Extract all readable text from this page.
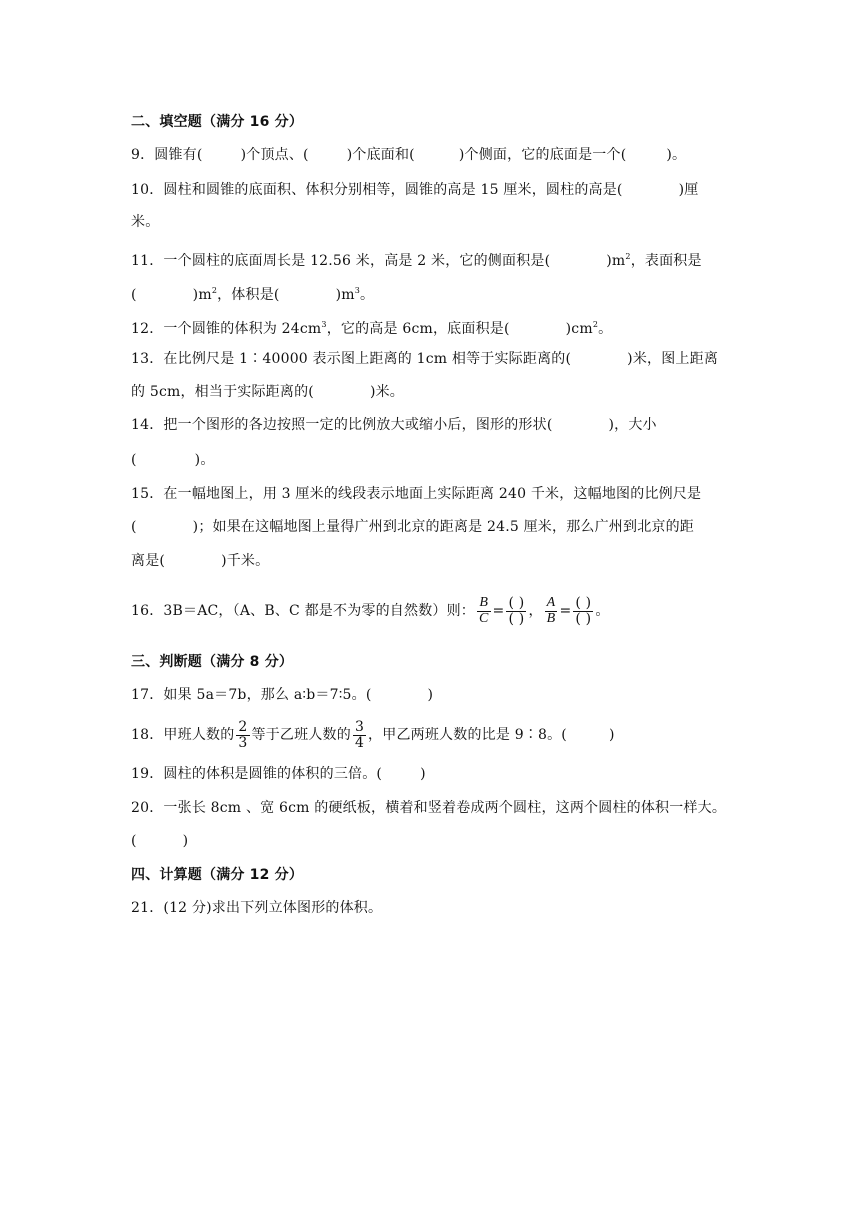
二、填空题（满分 16 分）
9．圆锥有(	)个顶点、(	)个底面和(	)个侧面，它的底面是一个(	)。
10．圆柱和圆锥的底面积、体积分别相等，圆锥的高是 15 厘米，圆柱的高是(	)厘
米。
11．一个圆柱的底面周长是 12.56 米，高是 2 米，它的侧面积是(	)$m^2$，表面积是
(	)$m^2$，体积是(	)$m^3$。
12．一个圆锥的体积为 $24cm^3$，它的高是 6cm，底面积是(	)$cm^2$。
13．在比例尺是 1∶40000 表示图上距离的 1cm 相等于实际距离的(	)米，图上距离
的 5cm，相当于实际距离的(	)米。
14．把一个图形的各边按照一定的比例放大或缩小后，图形的形状(	)，大小
(	)。
15．在一幅地图上，用 3 厘米的线段表示地面上实际距离 240 千米，这幅地图的比例尺是
(	)；如果在这幅地图上量得广州到北京的距离是 24.5 厘米，那么广州到北京的距
离是(	)千米。
16．3B＝AC，（A、B、C 都是不为零的自然数）则： $\frac{B}{C} = \frac{( )}{( )}$ ， $\frac{A}{B} = \frac{( )}{( )}$ 。
三、判断题（满分 8 分）
17．如果 5a＝7b，那么 a∶b＝7∶5。(	)
18．甲班人数的 $\frac{2}{3}$ 等于乙班人数的 $\frac{3}{4}$ ，甲乙两班人数的比是 9∶8。(	)
19．圆柱的体积是圆锥的体积的三倍。(	)
20．一张长 8cm 、宽 6cm 的硬纸板，横着和竖着卷成两个圆柱，这两个圆柱的体积一样大。
(	)
四、计算题（满分 12 分）
21．(12 分)求出下列立体图形的体积。
